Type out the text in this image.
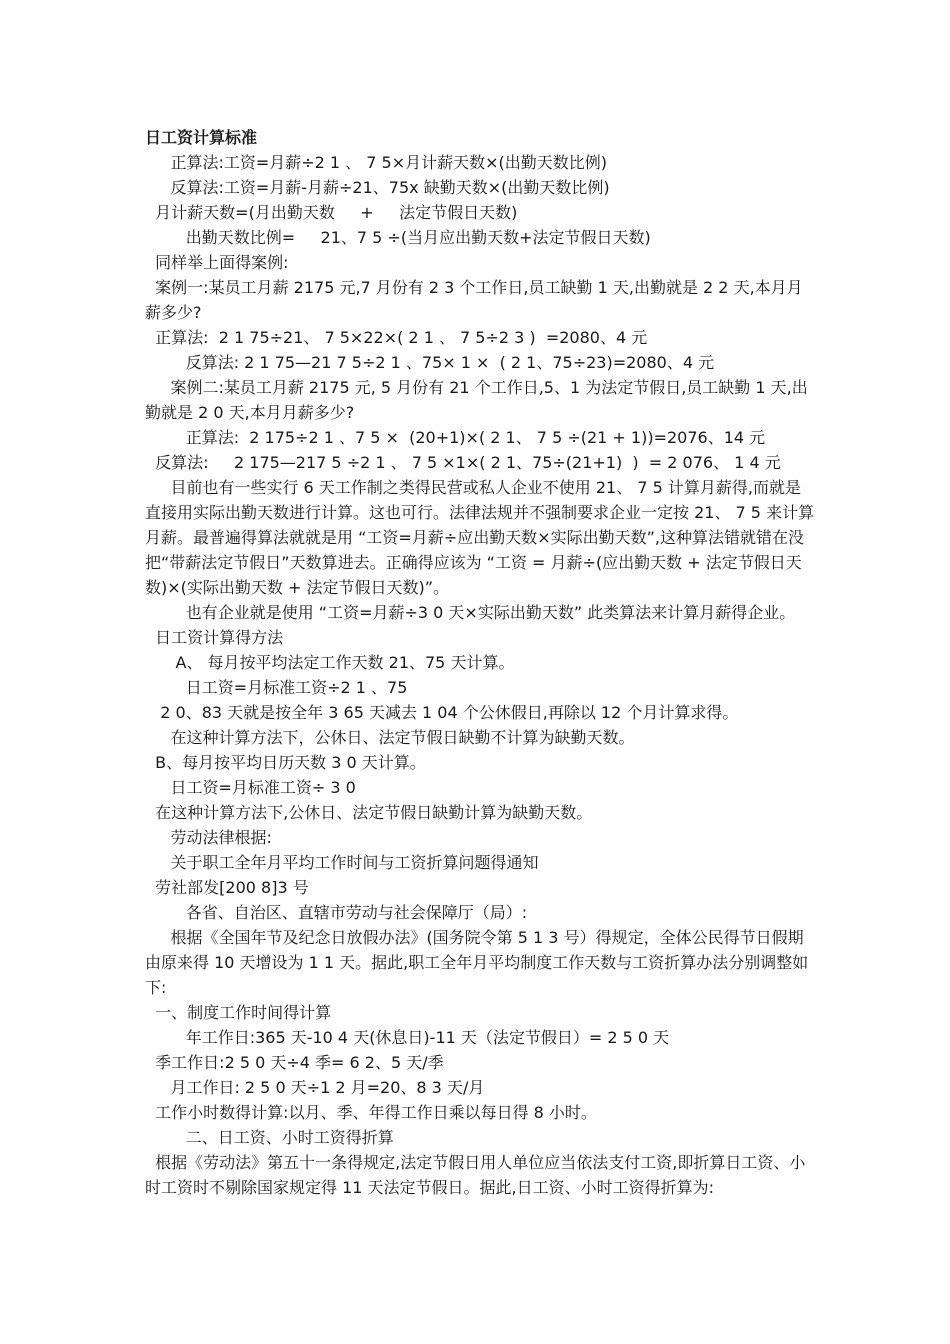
日工资计算标准

正算法:工资=月薪÷2 1 、 7 5×月计薪天数×(出勤天数比例)

反算法:工资=月薪-月薪÷21、75x 缺勤天数×(出勤天数比例)

月计薪天数=(月出勤天数     +     法定节假日天数)

出勤天数比例=     21、7 5 ÷(当月应出勤天数+法定节假日天数)

同样举上面得案例:

案例一:某员工月薪 2175 元,7 月份有 2 3 个工作日,员工缺勤 1 天,出勤就是 2 2 天,本月月薪多少?

正算法:  2 1 75÷21、 7 5×22×( 2 1 、 7 5÷2 3 )  =2080、4 元

反算法: 2 1 75—21 7 5÷2 1 、75× 1 ×  ( 2 1、75÷23)=2080、4 元

案例二:某员工月薪 2175 元, 5 月份有 21 个工作日,5、1 为法定节假日,员工缺勤 1 天,出勤就是 2 0 天,本月月薪多少?

正算法:  2 175÷2 1 、7 5 ×  (20+1)×( 2 1、 7 5 ÷(21 + 1))=2076、14 元

反算法:     2 175—217 5 ÷2 1 、 7 5 ×1×( 2 1、75÷(21+1)  )  = 2 076、 1 4 元

目前也有一些实行 6 天工作制之类得民营或私人企业不使用 21、 7 5 计算月薪得,而就是直接用实际出勤天数进行计算。这也可行。法律法规并不强制要求企业一定按 21、 7 5 来计算月薪。最普遍得算法就就是用 “工资=月薪÷应出勤天数×实际出勤天数”,这种算法错就错在没把“带薪法定节假日”天数算进去。正确得应该为 “工资 = 月薪÷(应出勤天数 + 法定节假日天数)×(实际出勤天数 + 法定节假日天数)”。

也有企业就是使用 “工资=月薪÷3 0 天×实际出勤天数” 此类算法来计算月薪得企业。

日工资计算得方法

A、 每月按平均法定工作天数 21、75 天计算。

日工资=月标准工资÷2 1 、75

2 0、83 天就是按全年 3 65 天减去 1 04 个公休假日,再除以 12 个月计算求得。

在这种计算方法下，公休日、法定节假日缺勤不计算为缺勤天数。

B、每月按平均日历天数 3 0 天计算。

日工资=月标准工资÷ 3 0

在这种计算方法下,公休日、法定节假日缺勤计算为缺勤天数。

劳动法律根据:

关于职工全年月平均工作时间与工资折算问题得通知

劳社部发[200 8]3 号

各省、自治区、直辖市劳动与社会保障厅（局）:

根据《全国年节及纪念日放假办法》(国务院令第 5 1 3 号）得规定，全体公民得节日假期由原来得 10 天增设为 1 1 天。据此,职工全年月平均制度工作天数与工资折算办法分别调整如下:

一、制度工作时间得计算

年工作日:365 天-10 4 天(休息日)-11 天（法定节假日）= 2 5 0 天

季工作日:2 5 0 天÷4 季= 6 2、5 天/季

月工作日: 2 5 0 天÷1 2 月=20、8 3 天/月

工作小时数得计算:以月、季、年得工作日乘以每日得 8 小时。

二、日工资、小时工资得折算

根据《劳动法》第五十一条得规定,法定节假日用人单位应当依法支付工资,即折算日工资、小时工资时不剔除国家规定得 11 天法定节假日。据此,日工资、小时工资得折算为:
